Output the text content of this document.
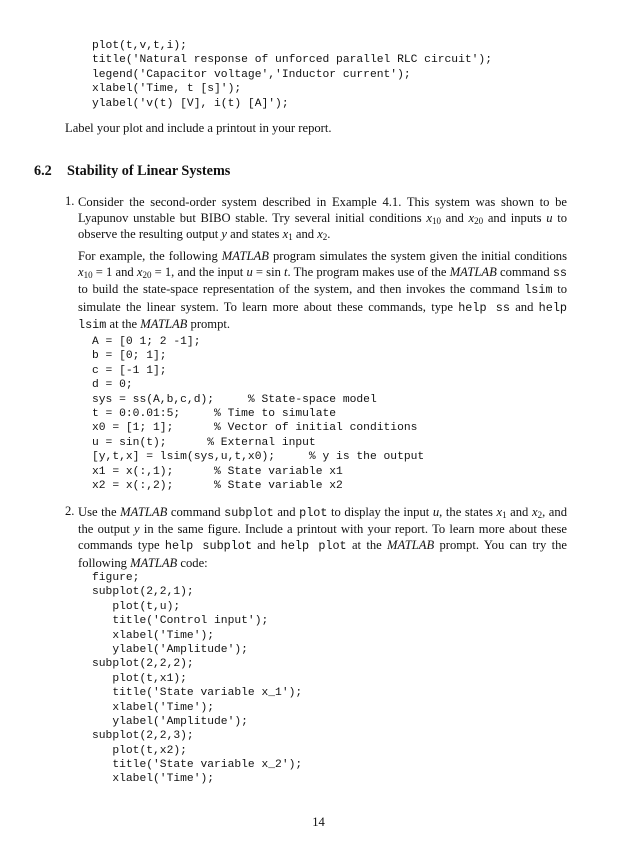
plot(t,v,t,i);
title('Natural response of unforced parallel RLC circuit');
legend('Capacitor voltage','Inductor current');
xlabel('Time, t [s]');
ylabel('v(t) [V], i(t) [A]');
Label your plot and include a printout in your report.
6.2 Stability of Linear Systems
1. Consider the second-order system described in Example 4.1. This system was shown to be Lyapunov unstable but BIBO stable. Try several initial conditions $x_{10}$ and $x_{20}$ and inputs u to observe the resulting output y and states $x_1$ and $x_2$.
For example, the following MATLAB program simulates the system given the initial conditions $x_{10} = 1$ and $x_{20} = 1$, and the input u = sin t. The program makes use of the MATLAB command ss to build the state-space representation of the system, and then invokes the command lsim to simulate the linear system. To learn more about these commands, type help ss and help lsim at the MATLAB prompt.
A = [0 1; 2 -1];
b = [0; 1];
c = [-1 1];
d = 0;
sys = ss(A,b,c,d);     % State-space model
t = 0:0.01:5;     % Time to simulate
x0 = [1; 1];      % Vector of initial conditions
u = sin(t);      % External input
[y,t,x] = lsim(sys,u,t,x0);     % y is the output
x1 = x(:,1);      % State variable x1
x2 = x(:,2);      % State variable x2
2. Use the MATLAB command subplot and plot to display the input u, the states $x_1$ and $x_2$, and the output y in the same figure. Include a printout with your report. To learn more about these commands type help subplot and help plot at the MATLAB prompt. You can try the following MATLAB code:
figure;
subplot(2,2,1);
plot(t,u);
title('Control input');
xlabel('Time');
ylabel('Amplitude');
subplot(2,2,2);
plot(t,x1);
title('State variable x_1');
xlabel('Time');
ylabel('Amplitude');
subplot(2,2,3);
plot(t,x2);
title('State variable x_2');
xlabel('Time');
14
